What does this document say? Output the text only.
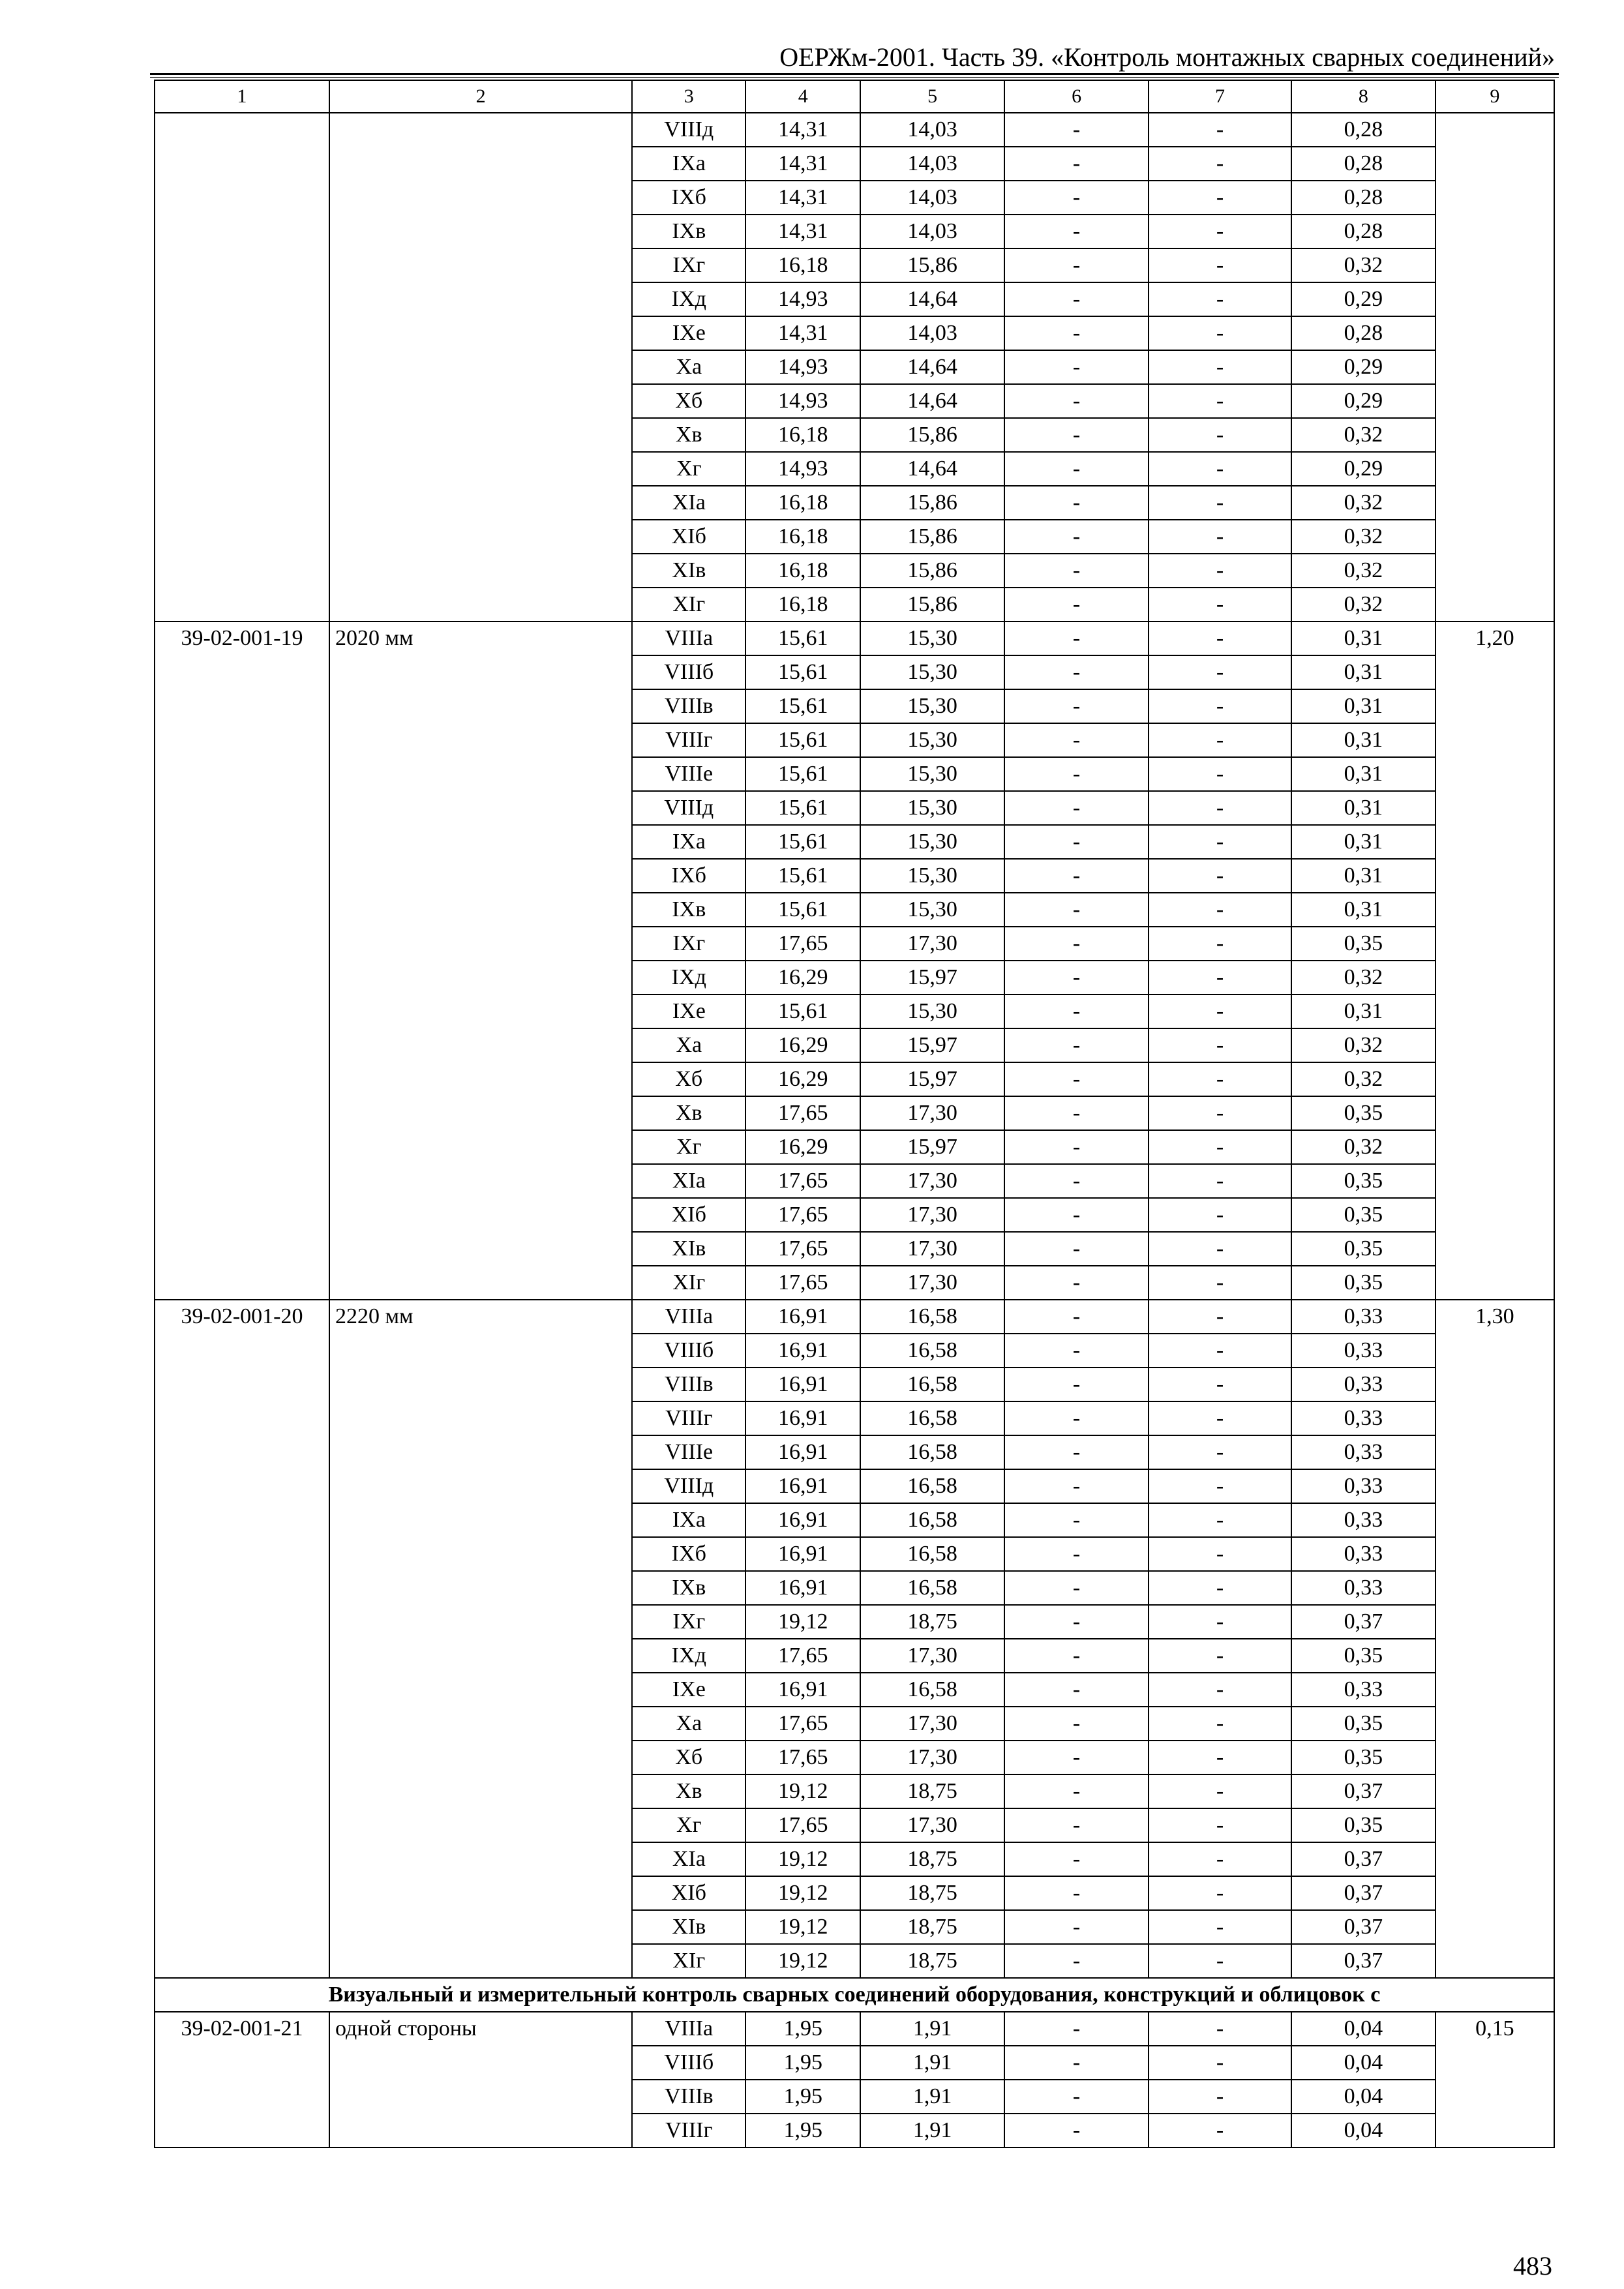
ОЕРЖм-2001. Часть 39. «Контроль монтажных сварных соединений»
1	2	3	4	5	6	7	8	9
		VIIIд	14,31	14,03	-	-	0,28	
		IXa	14,31	14,03	-	-	0,28	
		IXб	14,31	14,03	-	-	0,28	
		IXв	14,31	14,03	-	-	0,28	
		IXг	16,18	15,86	-	-	0,32	
		IXд	14,93	14,64	-	-	0,29	
		IXe	14,31	14,03	-	-	0,28	
		Xa	14,93	14,64	-	-	0,29	
		Xб	14,93	14,64	-	-	0,29	
		Xв	16,18	15,86	-	-	0,32	
		Xг	14,93	14,64	-	-	0,29	
		XIa	16,18	15,86	-	-	0,32	
		XIб	16,18	15,86	-	-	0,32	
		XIв	16,18	15,86	-	-	0,32	
		XIг	16,18	15,86	-	-	0,32	
39-02-001-19	2020 мм	VIIIa	15,61	15,30	-	-	0,31	1,20
		VIIIб	15,61	15,30	-	-	0,31	
		VIIIв	15,61	15,30	-	-	0,31	
		VIIIг	15,61	15,30	-	-	0,31	
		VIIIe	15,61	15,30	-	-	0,31	
		VIIIд	15,61	15,30	-	-	0,31	
		IXa	15,61	15,30	-	-	0,31	
		IXб	15,61	15,30	-	-	0,31	
		IXв	15,61	15,30	-	-	0,31	
		IXг	17,65	17,30	-	-	0,35	
		IXд	16,29	15,97	-	-	0,32	
		IXe	15,61	15,30	-	-	0,31	
		Xa	16,29	15,97	-	-	0,32	
		Xб	16,29	15,97	-	-	0,32	
		Xв	17,65	17,30	-	-	0,35	
		Xг	16,29	15,97	-	-	0,32	
		XIa	17,65	17,30	-	-	0,35	
		XIб	17,65	17,30	-	-	0,35	
		XIв	17,65	17,30	-	-	0,35	
		XIг	17,65	17,30	-	-	0,35	
39-02-001-20	2220 мм	VIIIa	16,91	16,58	-	-	0,33	1,30
		VIIIб	16,91	16,58	-	-	0,33	
		VIIIв	16,91	16,58	-	-	0,33	
		VIIIг	16,91	16,58	-	-	0,33	
		VIIIe	16,91	16,58	-	-	0,33	
		VIIIд	16,91	16,58	-	-	0,33	
		IXa	16,91	16,58	-	-	0,33	
		IXб	16,91	16,58	-	-	0,33	
		IXв	16,91	16,58	-	-	0,33	
		IXг	19,12	18,75	-	-	0,37	
		IXд	17,65	17,30	-	-	0,35	
		IXe	16,91	16,58	-	-	0,33	
		Xa	17,65	17,30	-	-	0,35	
		Xб	17,65	17,30	-	-	0,35	
		Xв	19,12	18,75	-	-	0,37	
		Xг	17,65	17,30	-	-	0,35	
		XIa	19,12	18,75	-	-	0,37	
		XIб	19,12	18,75	-	-	0,37	
		XIв	19,12	18,75	-	-	0,37	
		XIг	19,12	18,75	-	-	0,37	
Визуальный и измерительный контроль сварных соединений оборудования, конструкций и облицовок с								
39-02-001-21	одной стороны	VIIIa	1,95	1,91	-	-	0,04	0,15
		VIIIб	1,95	1,91	-	-	0,04	
		VIIIв	1,95	1,91	-	-	0,04	
		VIIIг	1,95	1,91	-	-	0,04	
483
